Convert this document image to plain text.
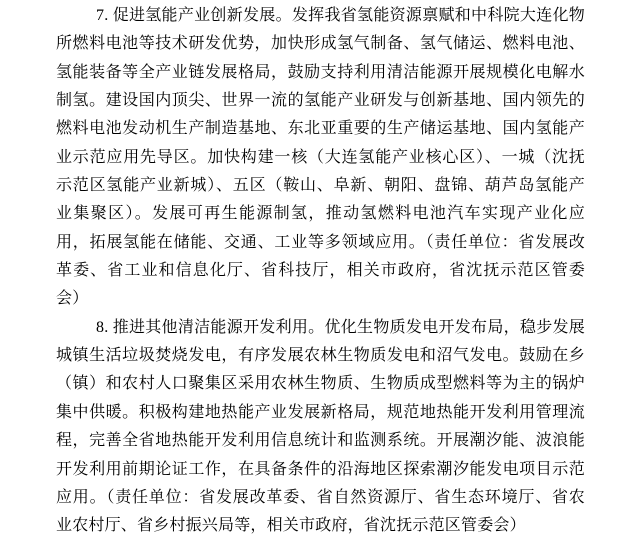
7. 促进氢能产业创新发展。发挥我省氢能资源禀赋和中科院大连化物
所燃料电池等技术研发优势，加快形成氢气制备、氢气储运、燃料电池、
氢能装备等全产业链发展格局，鼓励支持利用清洁能源开展规模化电解水
制氢。建设国内顶尖、世界一流的氢能产业研发与创新基地、国内领先的
燃料电池发动机生产制造基地、东北亚重要的生产储运基地、国内氢能产
业示范应用先导区。加快构建一核（大连氢能产业核心区）、一城（沈抚
示范区氢能产业新城）、五区（鞍山、阜新、朝阳、盘锦、葫芦岛氢能产
业集聚区）。发展可再生能源制氢，推动氢燃料电池汽车实现产业化应
用，拓展氢能在储能、交通、工业等多领域应用。（责任单位：省发展改
革委、省工业和信息化厅、省科技厅，相关市政府，省沈抚示范区管委
会）
8. 推进其他清洁能源开发利用。优化生物质发电开发布局，稳步发展
城镇生活垃圾焚烧发电，有序发展农林生物质发电和沼气发电。鼓励在乡
（镇）和农村人口聚集区采用农林生物质、生物质成型燃料等为主的锅炉
集中供暖。积极构建地热能产业发展新格局，规范地热能开发利用管理流
程，完善全省地热能开发利用信息统计和监测系统。开展潮汐能、波浪能
开发利用前期论证工作，在具备条件的沿海地区探索潮汐能发电项目示范
应用。（责任单位：省发展改革委、省自然资源厅、省生态环境厅、省农
业农村厅、省乡村振兴局等，相关市政府，省沈抚示范区管委会）
